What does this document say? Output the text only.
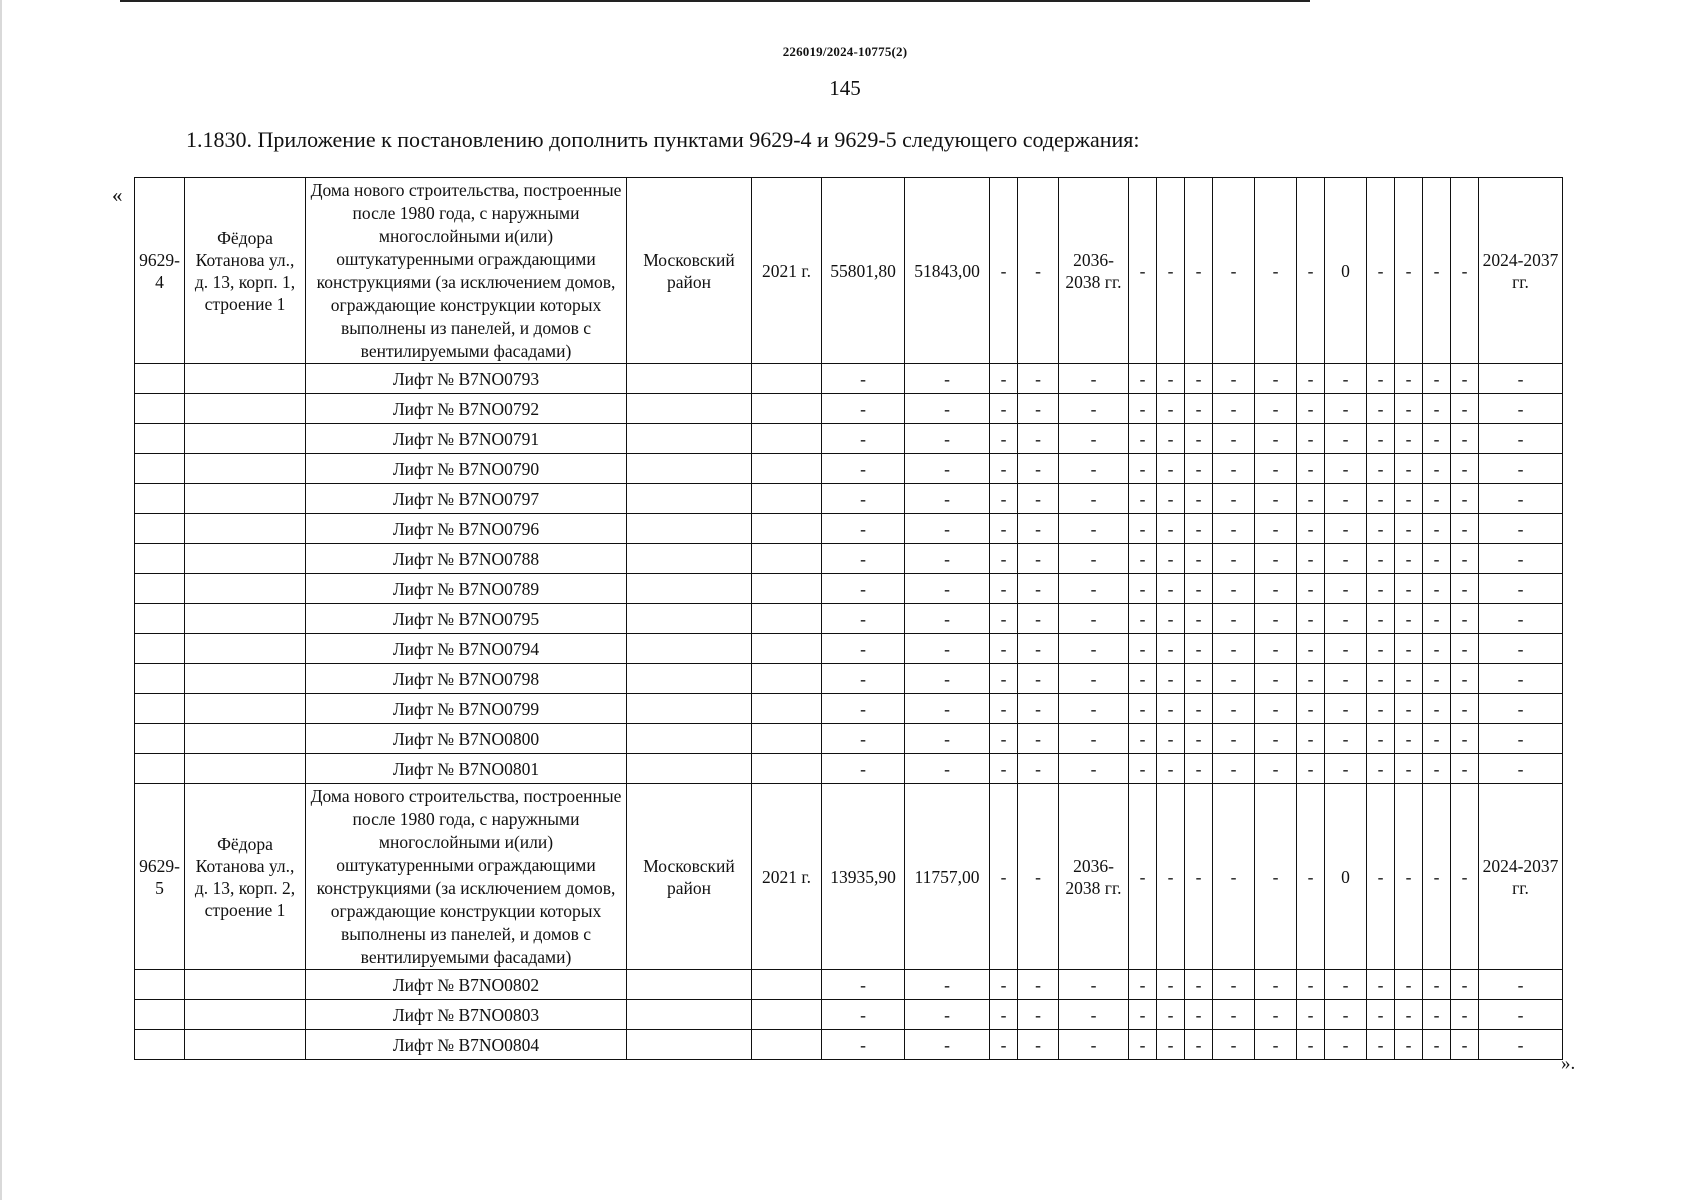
226019/2024-10775(2)
145
1.1830. Приложение к постановлению дополнить пунктами 9629-4 и 9629-5 следующего содержания:
«
».
9629-4	Фёдора Котанова ул., д. 13, корп. 1, строение 1	Дома нового строительства, построенные после 1980 года, с наружными многослойными и(или) оштукатуренными ограждающими конструкциями (за исключением домов, ограждающие конструкции которых выполнены из панелей, и домов с вентилируемыми фасадами)	Московский район	2021 г.	55801,80	51843,00	-	-	2036-2038 гг.	-	-	-	-	-	-	0	-	-	-	-	2024-2037 гг.
		Лифт № B7NO0793			-	-	-	-	-	-	-	-	-	-	-	-	-	-	-	-	-
		Лифт № B7NO0792			-	-	-	-	-	-	-	-	-	-	-	-	-	-	-	-	-
		Лифт № B7NO0791			-	-	-	-	-	-	-	-	-	-	-	-	-	-	-	-	-
		Лифт № B7NO0790			-	-	-	-	-	-	-	-	-	-	-	-	-	-	-	-	-
		Лифт № B7NO0797			-	-	-	-	-	-	-	-	-	-	-	-	-	-	-	-	-
		Лифт № B7NO0796			-	-	-	-	-	-	-	-	-	-	-	-	-	-	-	-	-
		Лифт № B7NO0788			-	-	-	-	-	-	-	-	-	-	-	-	-	-	-	-	-
		Лифт № B7NO0789			-	-	-	-	-	-	-	-	-	-	-	-	-	-	-	-	-
		Лифт № B7NO0795			-	-	-	-	-	-	-	-	-	-	-	-	-	-	-	-	-
		Лифт № B7NO0794			-	-	-	-	-	-	-	-	-	-	-	-	-	-	-	-	-
		Лифт № B7NO0798			-	-	-	-	-	-	-	-	-	-	-	-	-	-	-	-	-
		Лифт № B7NO0799			-	-	-	-	-	-	-	-	-	-	-	-	-	-	-	-	-
		Лифт № B7NO0800			-	-	-	-	-	-	-	-	-	-	-	-	-	-	-	-	-
		Лифт № B7NO0801			-	-	-	-	-	-	-	-	-	-	-	-	-	-	-	-	-
9629-5	Фёдора Котанова ул., д. 13, корп. 2, строение 1	Дома нового строительства, построенные после 1980 года, с наружными многослойными и(или) оштукатуренными ограждающими конструкциями (за исключением домов, ограждающие конструкции которых выполнены из панелей, и домов с вентилируемыми фасадами)	Московский район	2021 г.	13935,90	11757,00	-	-	2036-2038 гг.	-	-	-	-	-	-	0	-	-	-	-	2024-2037 гг.
		Лифт № B7NO0802			-	-	-	-	-	-	-	-	-	-	-	-	-	-	-	-	-
		Лифт № B7NO0803			-	-	-	-	-	-	-	-	-	-	-	-	-	-	-	-	-
		Лифт № B7NO0804			-	-	-	-	-	-	-	-	-	-	-	-	-	-	-	-	-
